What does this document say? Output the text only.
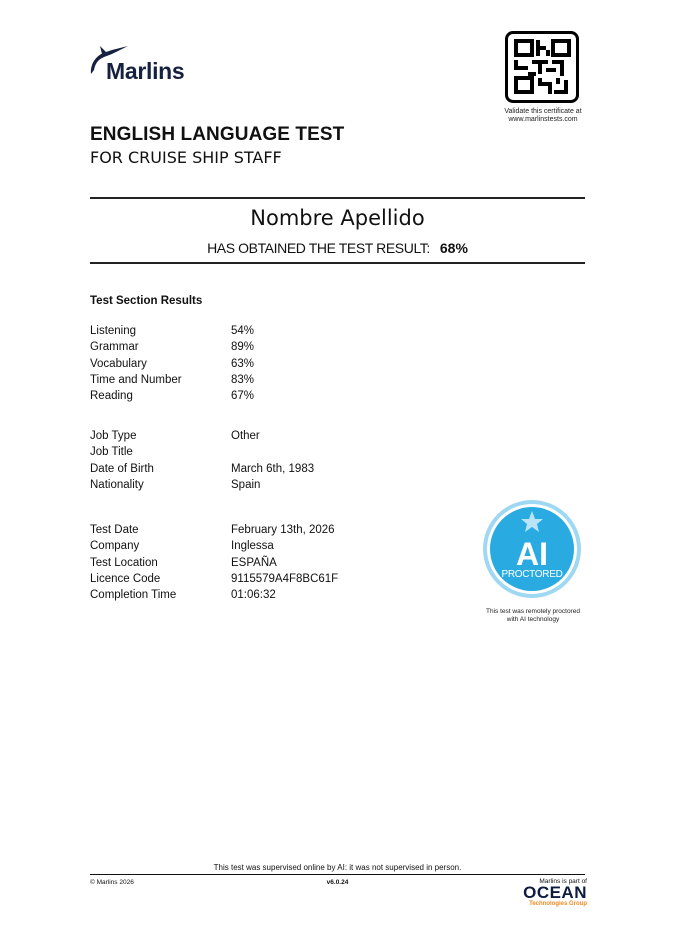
Marlins
Validate this certificate at
www.marlinstests.com
ENGLISH LANGUAGE TEST
FOR CRUISE SHIP STAFF
Nombre Apellido
HAS OBTAINED THE TEST RESULT: 68%
Test Section Results
Listening	54%
Grammar	89%
Vocabulary	63%
Time and Number	83%
Reading	67%
Job Type	Other
Job Title
Date of Birth	March 6th, 1983
Nationality	Spain
Test Date	February 13th, 2026
Company	Inglessa
Test Location	ESPAÑA
Licence Code	9115579A4F8BC61F
Completion Time	01:06:32
AI
PROCTORED
This test was remotely proctored
with AI technology
This test was supervised online by AI: it was not supervised in person.
© Marlins 2026	v6.0.24	Marlins is part of
OCEAN
Technologies Group
